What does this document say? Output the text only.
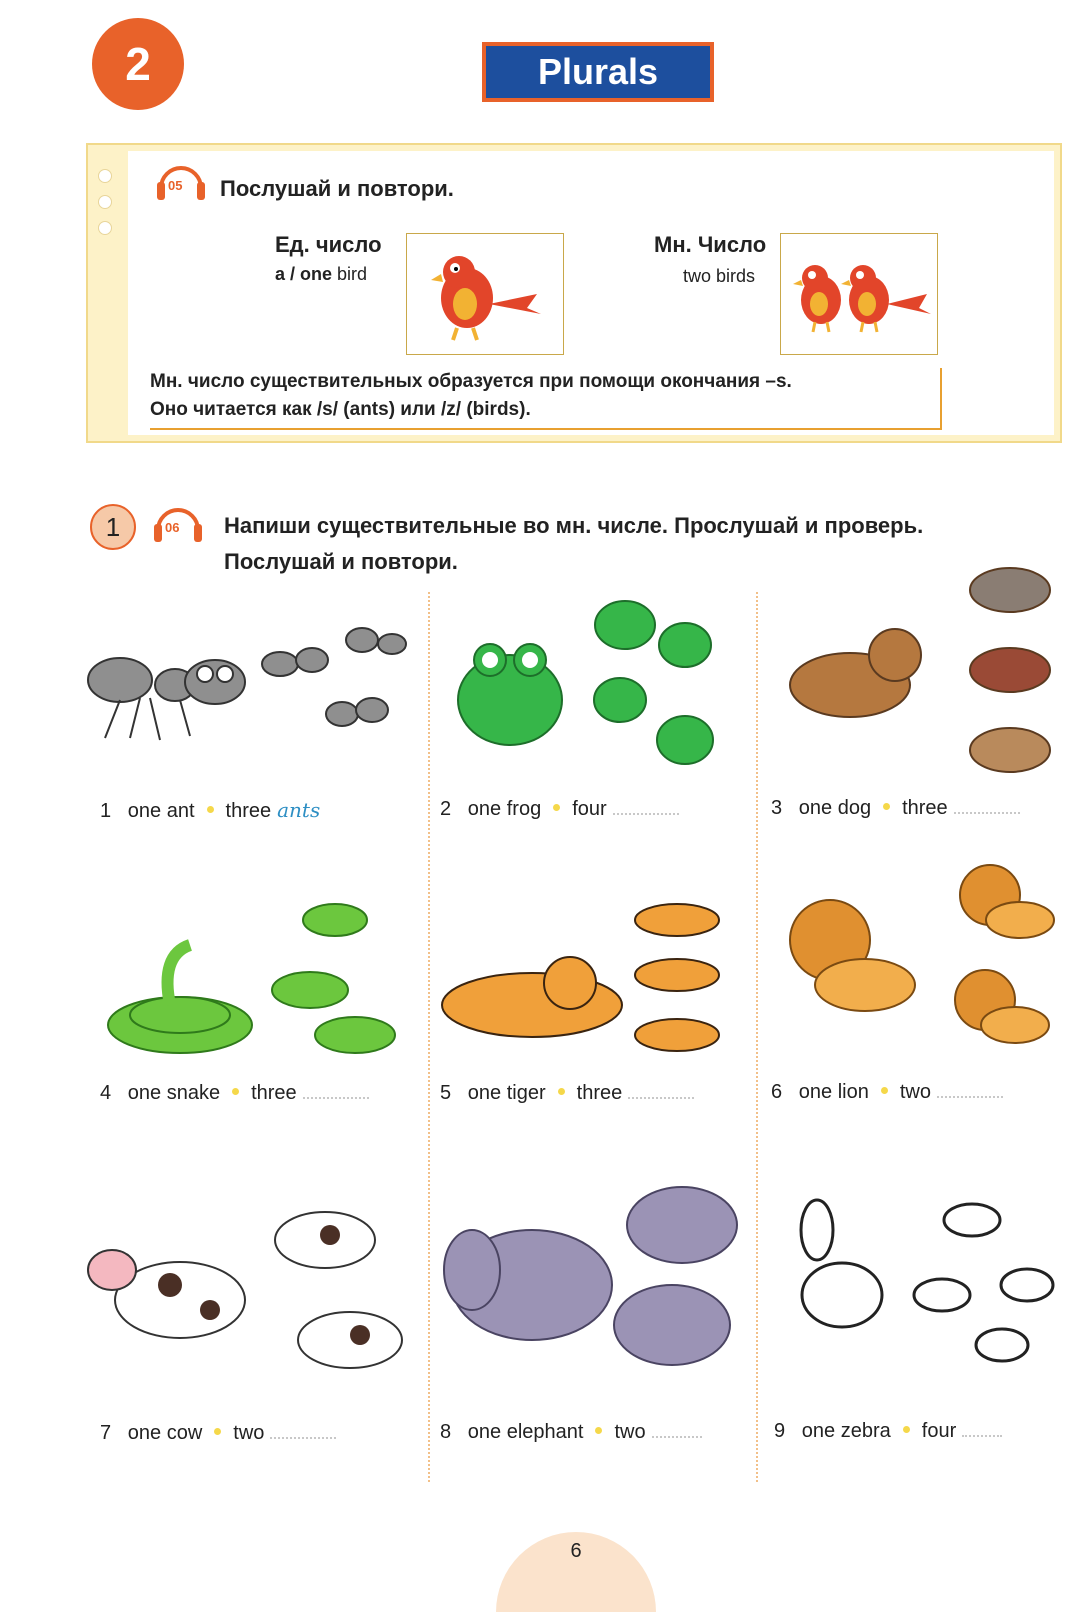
2	Plurals
05 Послушай и повтори.
Ед. число
a / one bird
Мн. Число
two birds
Мн. число существительных образуется при помощи окончания –s.
Оно читается как /s/ (ants) или /z/ (birds).
1	06 Напиши существительные во мн. числе. Прослушай и проверь.
Послушай и повтори.
1 one ant three ants	2 one frog four	3 one dog three
4 one snake three	5 one tiger three	6 one lion two
7 one cow two	8 one elephant two	9 one zebra four
6
